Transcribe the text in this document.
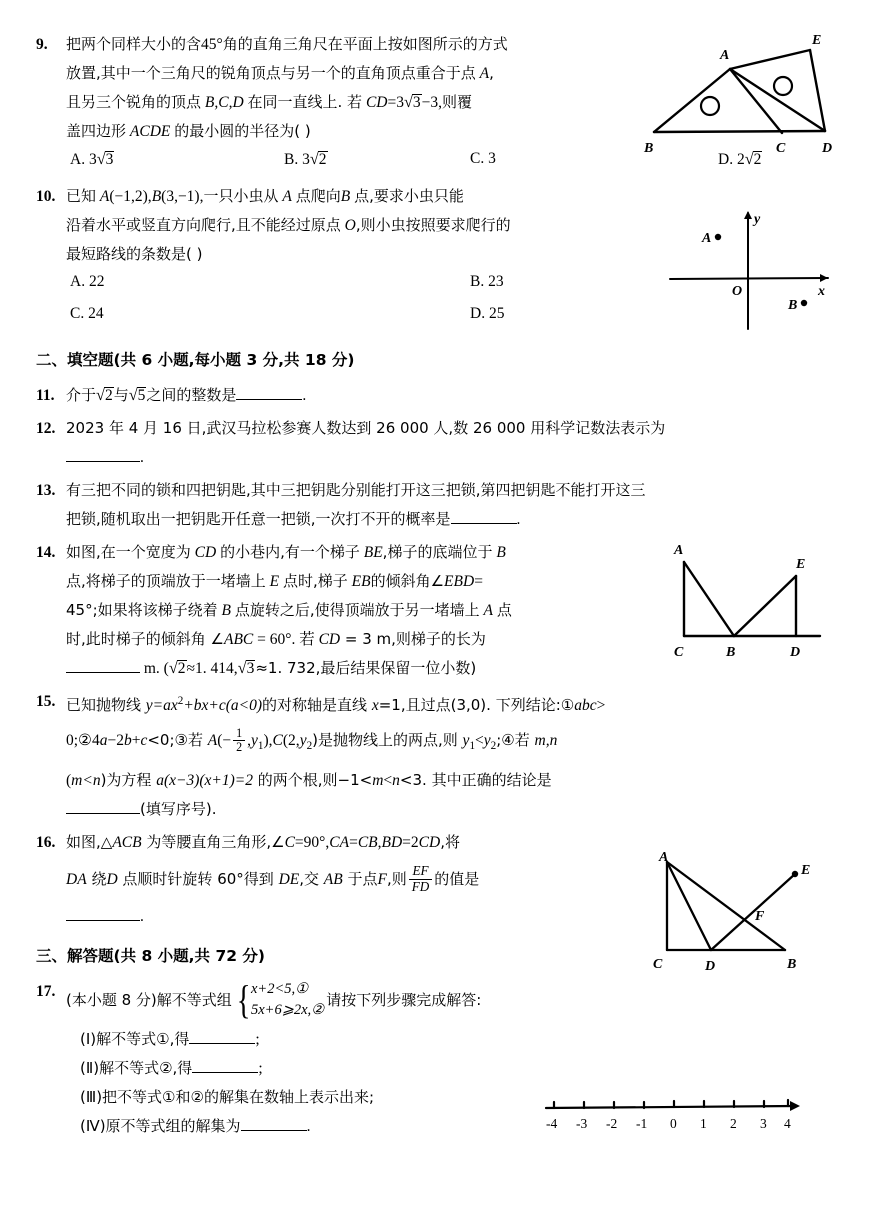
9.	把两个同样大小的含45°角的直角三角尺在平面上按如图所示的方式
放置,其中一个三角尺的锐角顶点与另一个的直角顶点重合于点 A,
且另三个锐角的顶点 B,C,D 在同一直线上. 若 CD=3√3−3,则覆
盖四边形 ACDE 的最小圆的半径为( )
A. 3√3	B. 3√2	C. 3	D. 2√2
10. 已知 A(−1,2),B(3,−1),一只小虫从 A 点爬向B 点,要求小虫只能
沿着水平或竖直方向爬行,且不能经过原点 O,则小虫按照要求爬行的
最短路线的条数是( )
A. 22	B. 23
C. 24	D. 25
二、填空题(共 6 小题,每小题 3 分,共 18 分)
11. 介于√2与√5之间的整数是	.
12. 2023 年 4 月 16 日,武汉马拉松参赛人数达到 26 000 人,数 26 000 用科学记数法表示为
.
13. 有三把不同的锁和四把钥匙,其中三把钥匙分别能打开这三把锁,第四把钥匙不能打开这三
把锁,随机取出一把钥匙开任意一把锁,一次打不开的概率是	.
14. 如图,在一个宽度为 CD 的小巷内,有一个梯子 BE,梯子的底端位于 B
点,将梯子的顶端放于一堵墙上 E 点时,梯子 EB的倾斜角∠EBD=
45°;如果将该梯子绕着 B 点旋转之后,使得顶端放于另一堵墙上 A 点
时,此时梯子的倾斜角 ∠ABC = 60°. 若 CD = 3 m,则梯子的长为
m. (√2≈1. 414,√3≈1. 732,最后结果保留一位小数)
15. 已知抛物线 $y=ax^2+bx+c(a<0)$的对称轴是直线 x=1,且过点(3,0). 下列结论:①abc>
0;②4a−2b+c<0;③若 $A(- \frac{1}{2} ,y_1),C(2,y_2)$是抛物线上的两点,则 $y_1<y_2;④$若 m,n
(m<n)为方程 a(x−3)(x+1)=2 的两个根,则−1<m<n<3. 其中正确的结论是
(填写序号).
16. 如图,△ACB 为等腰直角三角形,∠C=90°,CA=CB,BD=2CD,将
DA 绕D 点顺时针旋转 60°得到 DE,交 AB 于点F,则 $\frac{EF}{FD}$ 的值是
.
三、解答题(共 8 小题,共 72 分)
17. (本小题 8 分)解不等式组 { x+2<5,①
5x+6⩾2x,②
请按下列步骤完成解答:
(Ⅰ)解不等式①,得	;
(Ⅱ)解不等式②,得	;
(Ⅲ)把不等式①和②的解集在数轴上表示出来;
(Ⅳ)原不等式组的解集为	.
A
E
B	C	D
A
B
O
y
x
A
E
C	B	D
A
E
F
C	D	B
-4 -3 -2 -1 0 1 2 3 4
